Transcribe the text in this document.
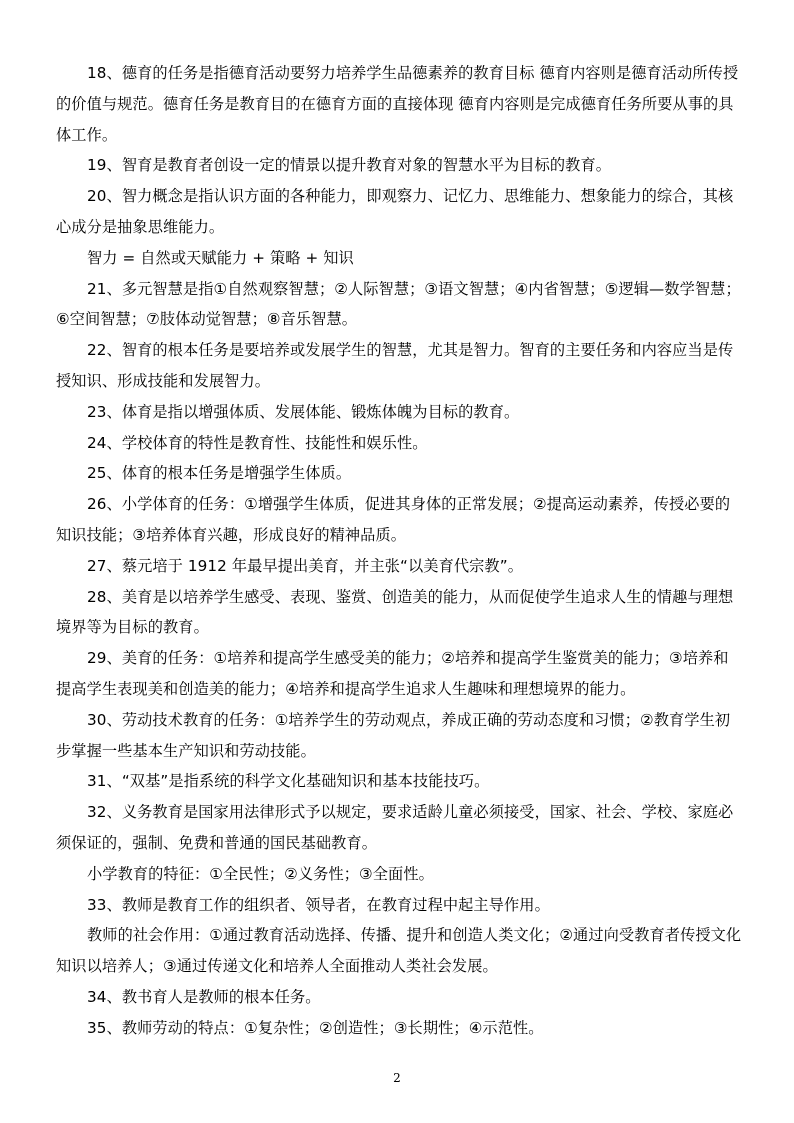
18、德育的任务是指德育活动要努力培养学生品德素养的教育目标 德育内容则是德育活动所传授的价值与规范。德育任务是教育目的在德育方面的直接体现 德育内容则是完成德育任务所要从事的具体工作。

19、智育是教育者创设一定的情景以提升教育对象的智慧水平为目标的教育。

20、智力概念是指认识方面的各种能力，即观察力、记忆力、思维能力、想象能力的综合，其核心成分是抽象思维能力。

智力 = 自然或天赋能力 + 策略 + 知识

21、多元智慧是指①自然观察智慧；②人际智慧；③语文智慧；④内省智慧；⑤逻辑—数学智慧；⑥空间智慧；⑦肢体动觉智慧；⑧音乐智慧。

22、智育的根本任务是要培养或发展学生的智慧，尤其是智力。智育的主要任务和内容应当是传授知识、形成技能和发展智力。

23、体育是指以增强体质、发展体能、锻炼体魄为目标的教育。

24、学校体育的特性是教育性、技能性和娱乐性。

25、体育的根本任务是增强学生体质。

26、小学体育的任务：①增强学生体质，促进其身体的正常发展；②提高运动素养，传授必要的知识技能；③培养体育兴趣，形成良好的精神品质。

27、蔡元培于 1912 年最早提出美育，并主张“以美育代宗教”。

28、美育是以培养学生感受、表现、鉴赏、创造美的能力，从而促使学生追求人生的情趣与理想境界等为目标的教育。

29、美育的任务：①培养和提高学生感受美的能力；②培养和提高学生鉴赏美的能力；③培养和提高学生表现美和创造美的能力；④培养和提高学生追求人生趣味和理想境界的能力。

30、劳动技术教育的任务：①培养学生的劳动观点，养成正确的劳动态度和习惯；②教育学生初步掌握一些基本生产知识和劳动技能。

31、“双基”是指系统的科学文化基础知识和基本技能技巧。

32、义务教育是国家用法律形式予以规定，要求适龄儿童必须接受，国家、社会、学校、家庭必须保证的，强制、免费和普通的国民基础教育。

小学教育的特征：①全民性；②义务性；③全面性。

33、教师是教育工作的组织者、领导者，在教育过程中起主导作用。

教师的社会作用：①通过教育活动选择、传播、提升和创造人类文化；②通过向受教育者传授文化知识以培养人；③通过传递文化和培养人全面推动人类社会发展。

34、教书育人是教师的根本任务。

35、教师劳动的特点：①复杂性；②创造性；③长期性；④示范性。

2
